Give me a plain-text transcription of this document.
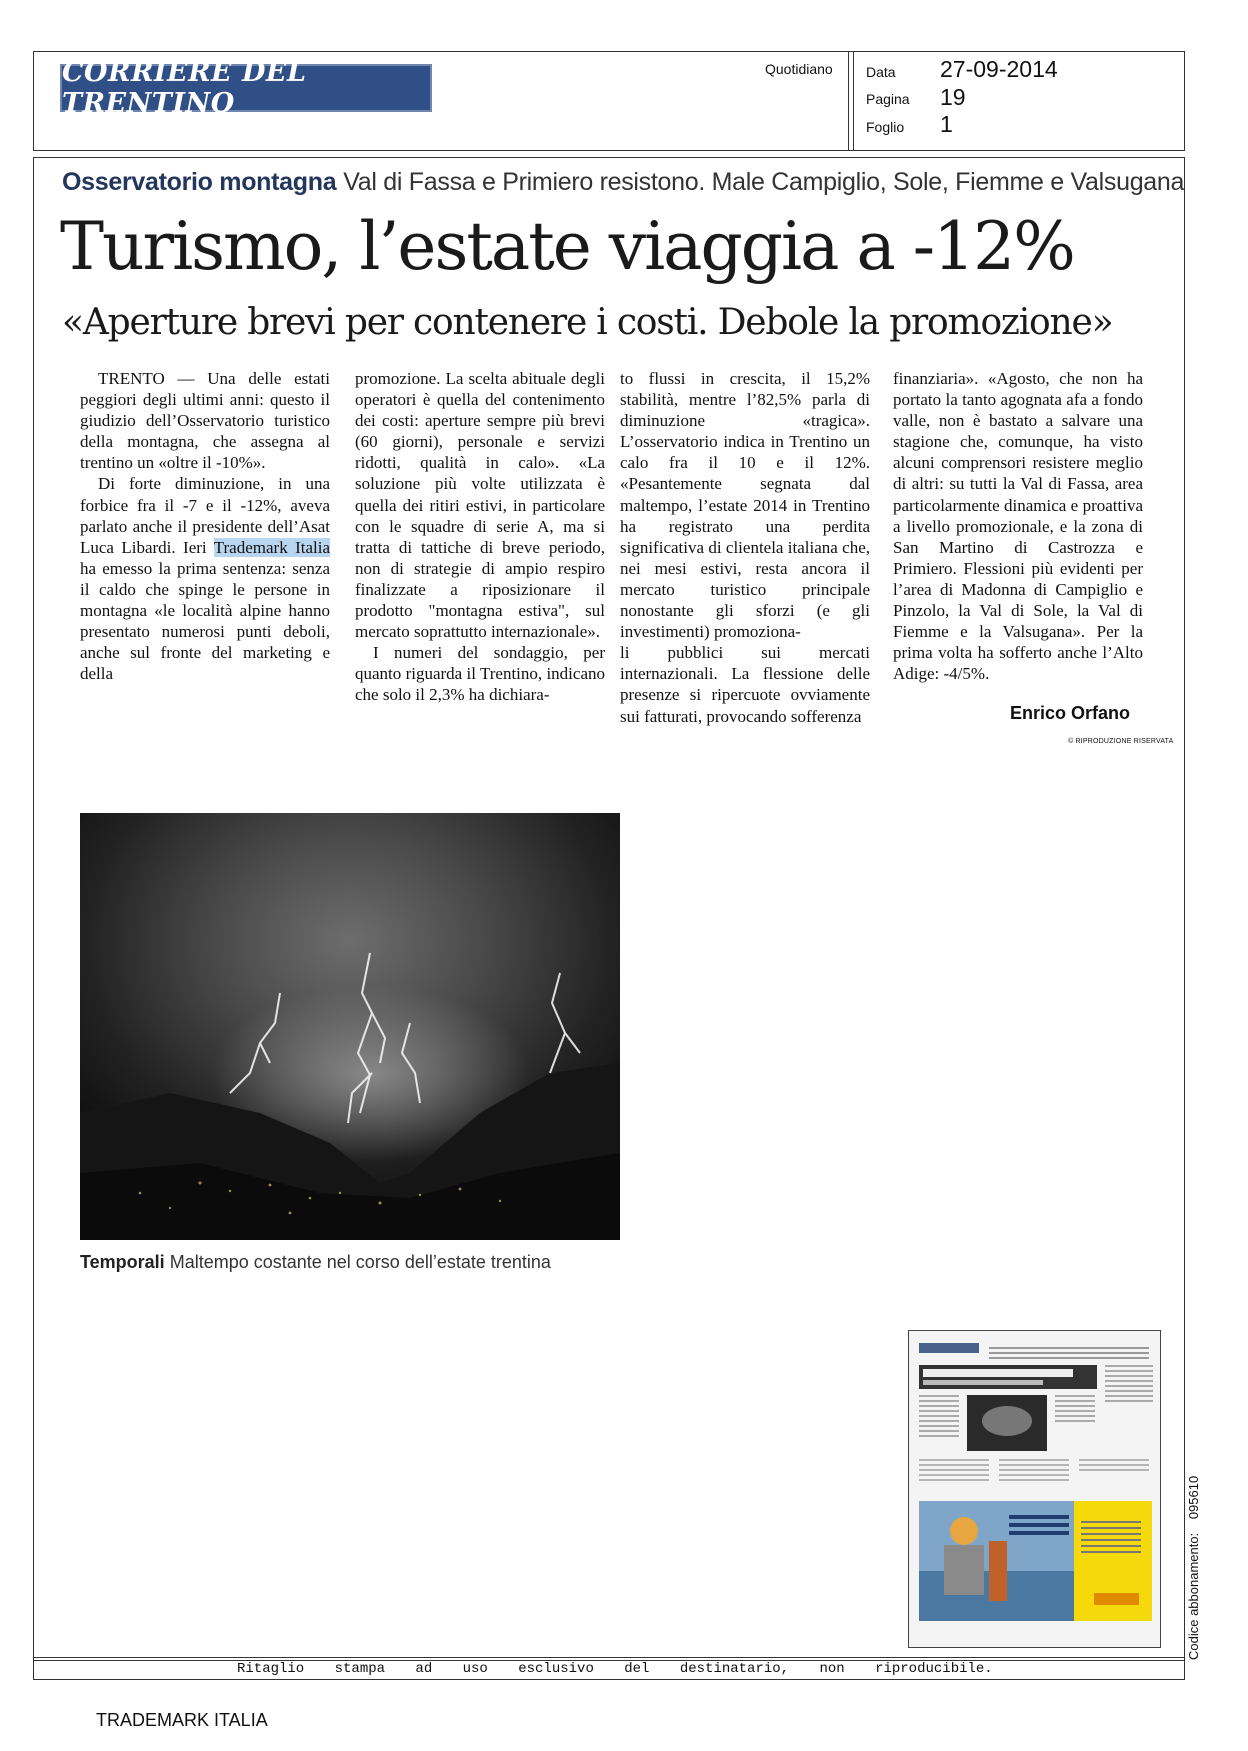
CORRIERE DEL TRENTINO
Quotidiano Data 27-09-2014
Pagina 19
Foglio 1
Osservatorio montagna Val di Fassa e Primiero resistono. Male Campiglio, Sole, Fiemme e Valsugana
Turismo, l’estate viaggia a -12%
«Aperture brevi per contenere i costi. Debole la promozione»

TRENTO — Una delle estati peggiori degli ultimi anni: questo il giudizio dell’Osservatorio turistico della montagna, che assegna al trentino un «oltre il -10%».

Di forte diminuzione, in una forbice fra il -7 e il -12%, aveva parlato anche il presidente dell’Asat Luca Libardi. Ieri Trademark Italia ha emesso la prima sentenza: senza il caldo che spinge le persone in montagna «le località alpine hanno presentato numerosi punti deboli, anche sul fronte del marketing e della

promozione. La scelta abituale degli operatori è quella del contenimento dei costi: aperture sempre più brevi (60 giorni), personale e servizi ridotti, qualità in calo». «La soluzione più volte utilizzata è quella dei ritiri estivi, in particolare con le squadre di serie A, ma si tratta di tattiche di breve periodo, non di strategie di ampio respiro finalizzate a riposizionare il prodotto "montagna estiva", sul mercato soprattutto internazionale».

I numeri del sondaggio, per quanto riguarda il Trentino, indicano che solo il 2,3% ha dichiara-

to flussi in crescita, il 15,2% stabilità, mentre l’82,5% parla di diminuzione «tragica». L’osservatorio indica in Trentino un calo fra il 10 e il 12%. «Pesantemente segnata dal maltempo, l’estate 2014 in Trentino ha registrato una perdita significativa di clientela italiana che, nei mesi estivi, resta ancora il mercato turistico principale nonostante gli sforzi (e gli investimenti) promoziona-

li pubblici sui mercati internazionali. La flessione delle presenze si ripercuote ovviamente sui fatturati, provocando sofferenza

finanziaria». «Agosto, che non ha portato la tanto agognata afa a fondo valle, non è bastato a salvare una stagione che, comunque, ha visto alcuni comprensori resistere meglio di altri: su tutti la Val di Fassa, area particolarmente dinamica e proattiva a livello promozionale, e la zona di San Martino di Castrozza e Primiero. Flessioni più evidenti per l’area di Madonna di Campiglio e Pinzolo, la Val di Sole, la Val di Fiemme e la Valsugana». Per la prima volta ha sofferto anche l’Alto Adige: -4/5%.

Enrico Orfano
© RIPRODUZIONE RISERVATA
Temporali Maltempo costante nel corso dell’estate trentina
Codice abbonamento: 095610
Ritaglio stampa ad uso esclusivo del destinatario, non riproducibile.
TRADEMARK ITALIA
